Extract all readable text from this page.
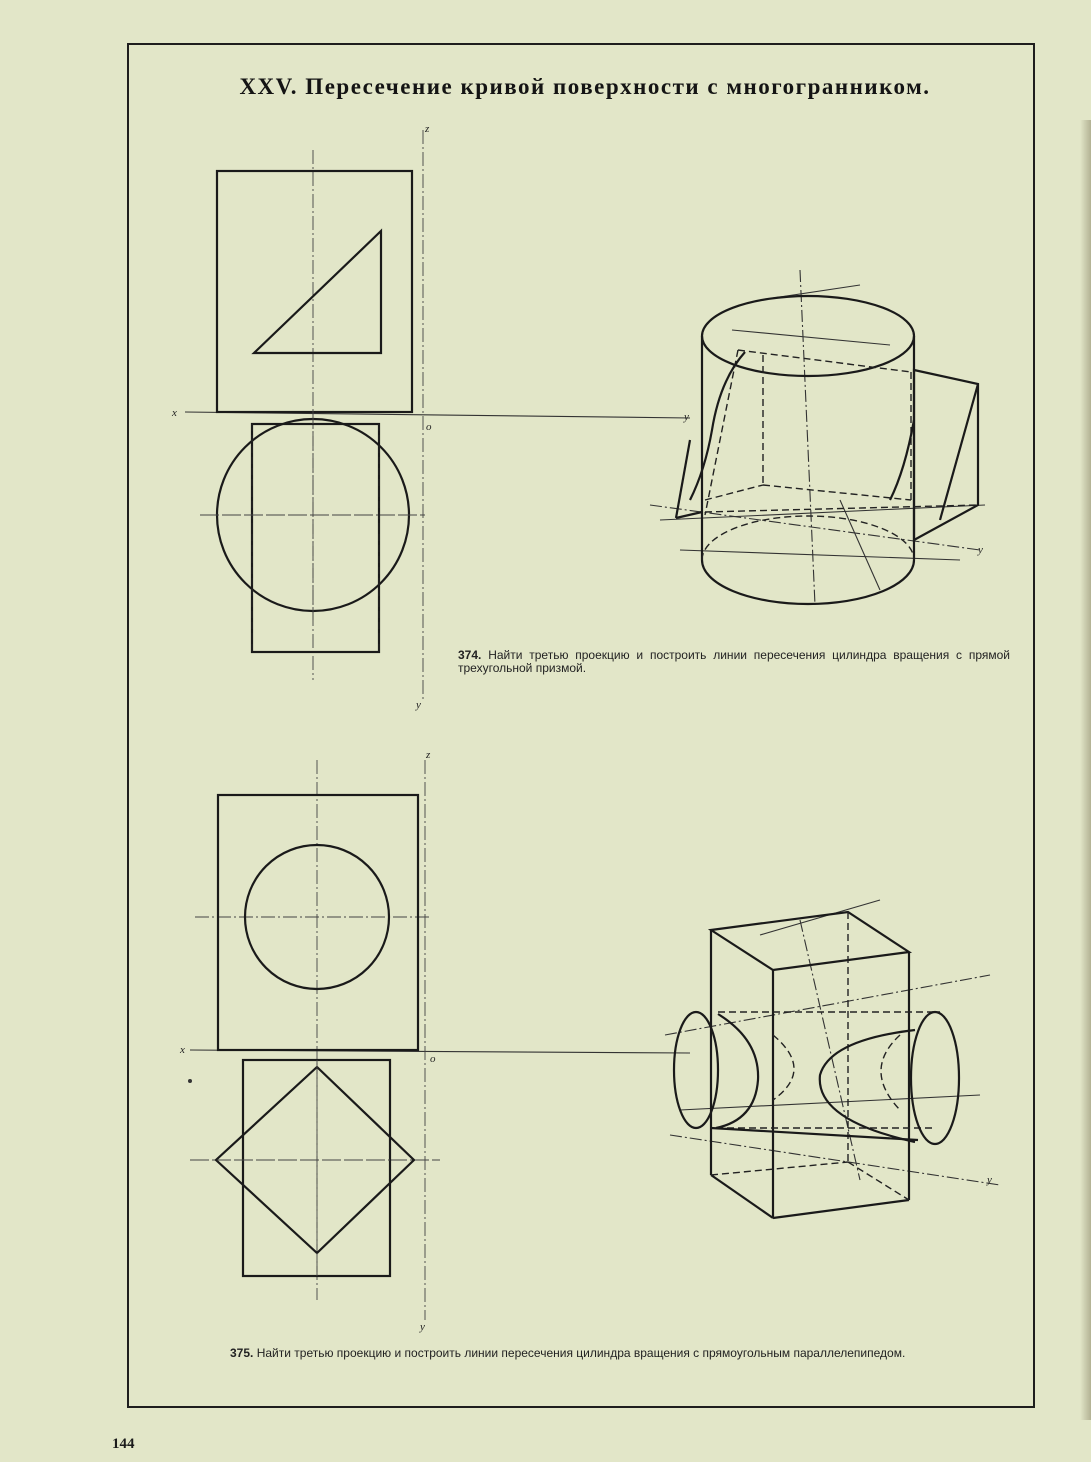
XXV. Пересечение кривой поверхности с многогранником.
z
x
o
y
y
y
z
x
o
y
y
374. Найти третью проекцию и построить линии пересечения цилиндра вращения с прямой трехугольной призмой.
375. Найти третью проекцию и построить линии пересечения цилиндра вращения с прямоугольным параллелепипедом.
144
